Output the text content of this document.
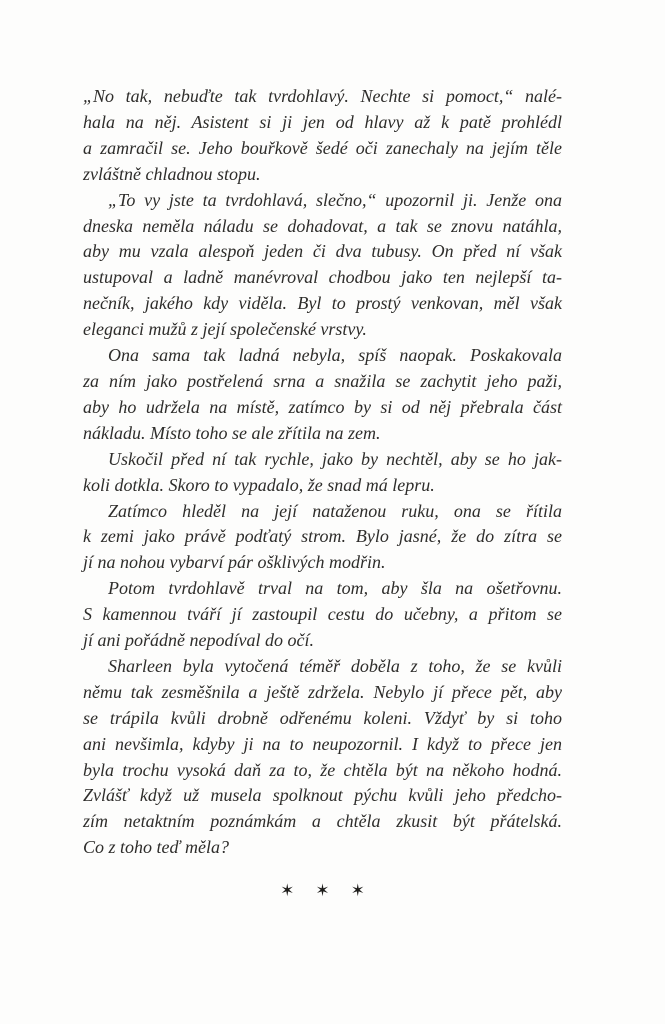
„No tak, nebuďte tak tvrdohlavý. Nechte si pomoct,“ nalé-
hala na něj. Asistent si ji jen od hlavy až k patě prohlédl
a zamračil se. Jeho bouřkově šedé oči zanechaly na jejím těle
zvláštně chladnou stopu.
„To vy jste ta tvrdohlavá, slečno,“ upozornil ji. Jenže ona
dneska neměla náladu se dohadovat, a tak se znovu natáhla,
aby mu vzala alespoň jeden či dva tubusy. On před ní však
ustupoval a ladně manévroval chodbou jako ten nejlepší ta-
nečník, jakého kdy viděla. Byl to prostý venkovan, měl však
eleganci mužů z její společenské vrstvy.
Ona sama tak ladná nebyla, spíš naopak. Poskakovala
za ním jako postřelená srna a snažila se zachytit jeho paži,
aby ho udržela na místě, zatímco by si od něj přebrala část
nákladu. Místo toho se ale zřítila na zem.
Uskočil před ní tak rychle, jako by nechtěl, aby se ho jak-
koli dotkla. Skoro to vypadalo, že snad má lepru.
Zatímco hleděl na její nataženou ruku, ona se řítila
k zemi jako právě podťatý strom. Bylo jasné, že do zítra se
jí na nohou vybarví pár ošklivých modřin.
Potom tvrdohlavě trval na tom, aby šla na ošetřovnu.
S kamennou tváří jí zastoupil cestu do učebny, a přitom se
jí ani pořádně nepodíval do očí.
Sharleen byla vytočená téměř doběla z toho, že se kvůli
němu tak zesměšnila a ještě zdržela. Nebylo jí přece pět, aby
se trápila kvůli drobně odřenému koleni. Vždyť by si toho
ani nevšimla, kdyby ji na to neupozornil. I když to přece jen
byla trochu vysoká daň za to, že chtěla být na někoho hodná.
Zvlášť když už musela spolknout pýchu kvůli jeho předcho-
zím netaktním poznámkám a chtěla zkusit být přátelská.
Co z toho teď měla?
✶ ✶ ✶
